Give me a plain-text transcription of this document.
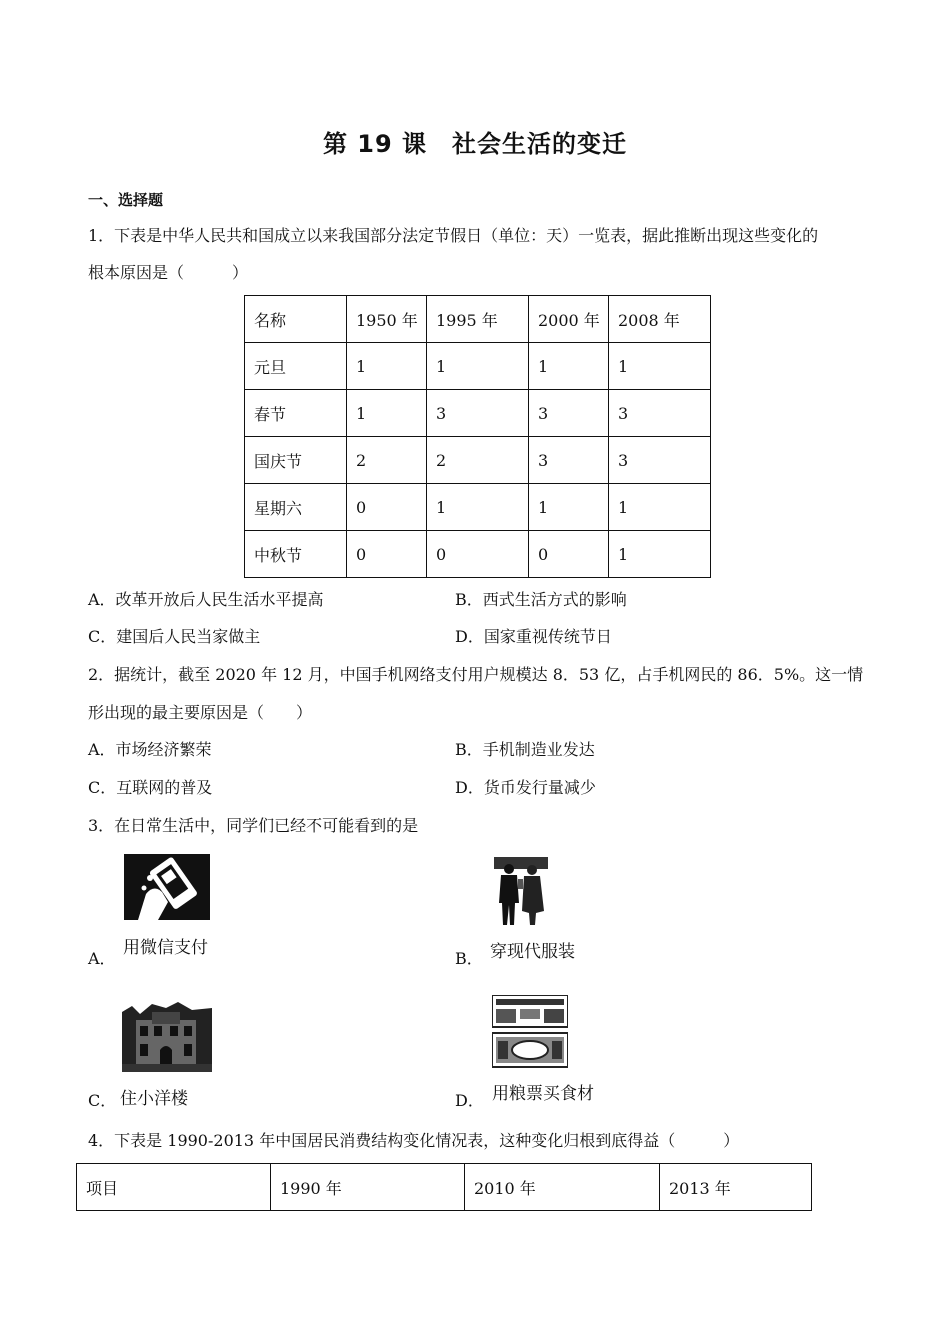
第 19 课　社会生活的变迁
一、选择题
1．下表是中华人民共和国成立以来我国部分法定节假日（单位：天）一览表，据此推断出现这些变化的
根本原因是（　　　）
名称	1950 年	1995 年	2000 年	2008 年
元旦	1	1	1	1
春节	1	3	3	3
国庆节	2	2	3	3
星期六	0	1	1	1
中秋节	0	0	0	1
A．改革开放后人民生活水平提高	B．西式生活方式的影响
C．建国后人民当家做主	D．国家重视传统节日
2．据统计，截至 2020 年 12 月，中国手机网络支付用户规模达 8．53 亿，占手机网民的 86．5%。这一情
形出现的最主要原因是（　　）
A．市场经济繁荣	B．手机制造业发达
C．互联网的普及	D．货币发行量减少
3．在日常生活中，同学们已经不可能看到的是
A．
用微信支付
B． 穿现代服装
C． 住小洋楼	D． 用粮票买食材
4．下表是 1990-2013 年中国居民消费结构变化情况表，这种变化归根到底得益（　　　）
项目	1990 年	2010 年	2013 年
